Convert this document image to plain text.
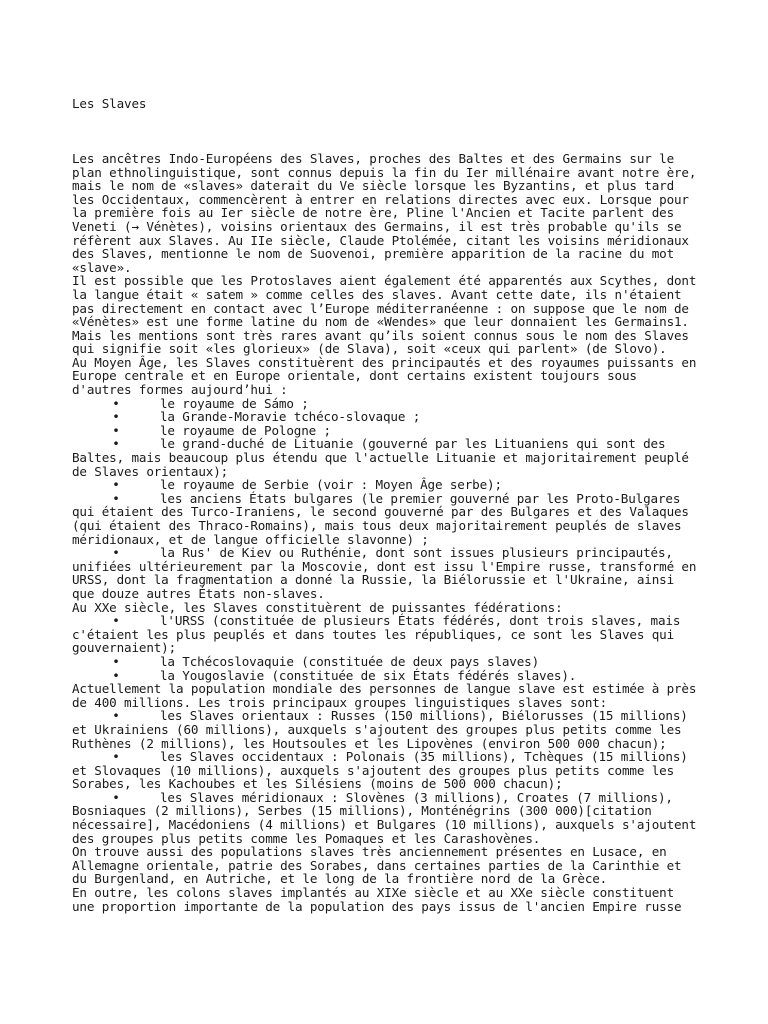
Les Slaves

Les ancêtres Indo-Européens des Slaves, proches des Baltes et des Germains sur le plan ethnolinguistique, sont connus depuis la fin du Ier millénaire avant notre ère, mais le nom de «slaves» daterait du Ve siècle lorsque les Byzantins, et plus tard les Occidentaux, commencèrent à entrer en relations directes avec eux. Lorsque pour la première fois au Ier siècle de notre ère, Pline l'Ancien et Tacite parlent des Veneti (→ Vénètes), voisins orientaux des Germains, il est très probable qu'ils se réfèrent aux Slaves. Au IIe siècle, Claude Ptolémée, citant les voisins méridionaux des Slaves, mentionne le nom de Suovenoi, première apparition de la racine du mot «slave».
Il est possible que les Protoslaves aient également été apparentés aux Scythes, dont la langue était « satem » comme celles des slaves. Avant cette date, ils n'étaient pas directement en contact avec l’Europe méditerranéenne : on suppose que le nom de «Vénètes» est une forme latine du nom de «Wendes» que leur donnaient les Germains1. Mais les mentions sont très rares avant qu’ils soient connus sous le nom des Slaves qui signifie soit «les glorieux» (de Slava), soit «ceux qui parlent» (de Slovo).
Au Moyen Âge, les Slaves constituèrent des principautés et des royaumes puissants en Europe centrale et en Europe orientale, dont certains existent toujours sous d'autres formes aujourd’hui :
•	le royaume de Sámo ;
•	la Grande-Moravie tchéco-slovaque ;
•	le royaume de Pologne ;
•	le grand-duché de Lituanie (gouverné par les Lituaniens qui sont des Baltes, mais beaucoup plus étendu que l'actuelle Lituanie et majoritairement peuplé de Slaves orientaux);
•	le royaume de Serbie (voir : Moyen Âge serbe);
•	les anciens États bulgares (le premier gouverné par les Proto-Bulgares qui étaient des Turco-Iraniens, le second gouverné par des Bulgares et des Valaques (qui étaient des Thraco-Romains), mais tous deux majoritairement peuplés de slaves méridionaux, et de langue officielle slavonne) ;
•	la Rus' de Kiev ou Ruthénie, dont sont issues plusieurs principautés, unifiées ultérieurement par la Moscovie, dont est issu l'Empire russe, transformé en URSS, dont la fragmentation a donné la Russie, la Biélorussie et l'Ukraine, ainsi que douze autres États non-slaves.
Au XXe siècle, les Slaves constituèrent de puissantes fédérations:
•	l'URSS (constituée de plusieurs États fédérés, dont trois slaves, mais c'étaient les plus peuplés et dans toutes les républiques, ce sont les Slaves qui gouvernaient);
•	la Tchécoslovaquie (constituée de deux pays slaves)
•	la Yougoslavie (constituée de six États fédérés slaves).
Actuellement la population mondiale des personnes de langue slave est estimée à près de 400 millions. Les trois principaux groupes linguistiques slaves sont:
•	les Slaves orientaux : Russes (150 millions), Biélorusses (15 millions) et Ukrainiens (60 millions), auxquels s'ajoutent des groupes plus petits comme les Ruthènes (2 millions), les Houtsoules et les Lipovènes (environ 500 000 chacun);
•	les Slaves occidentaux : Polonais (35 millions), Tchèques (15 millions) et Slovaques (10 millions), auxquels s'ajoutent des groupes plus petits comme les Sorabes, les Kachoubes et les Silésiens (moins de 500 000 chacun);
•	les Slaves méridionaux : Slovènes (3 millions), Croates (7 millions), Bosniaques (2 millions), Serbes (15 millions), Monténégrins (300 000)[citation nécessaire], Macédoniens (4 millions) et Bulgares (10 millions), auxquels s'ajoutent des groupes plus petits comme les Pomaques et les Carashovènes.
On trouve aussi des populations slaves très anciennement présentes en Lusace, en Allemagne orientale, patrie des Sorabes, dans certaines parties de la Carinthie et du Burgenland, en Autriche, et le long de la frontière nord de la Grèce.
En outre, les colons slaves implantés au XIXe siècle et au XXe siècle constituent une proportion importante de la population des pays issus de l'ancien Empire russe
